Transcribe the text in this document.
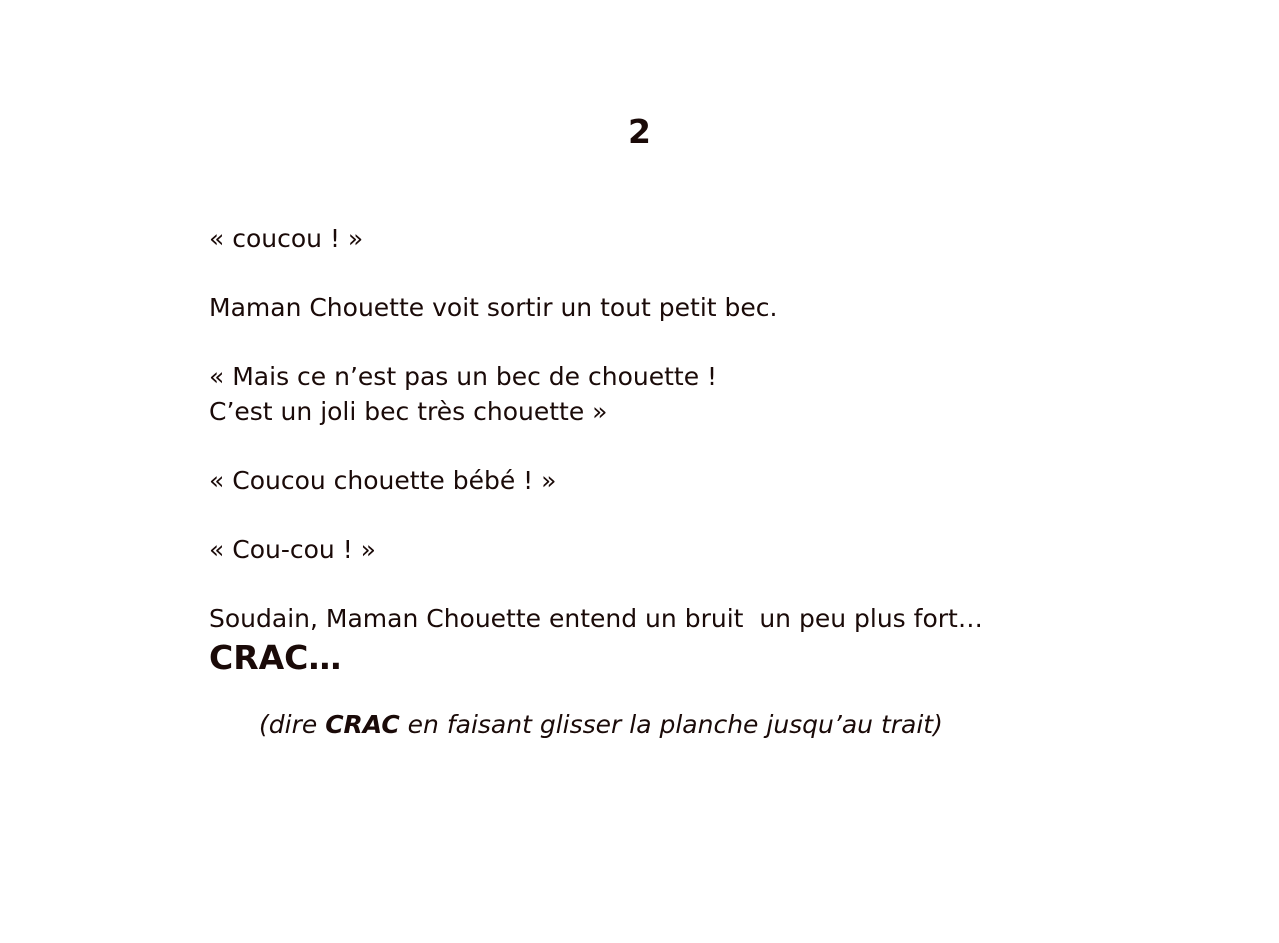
2

« coucou ! »

Maman Chouette voit sortir un tout petit bec.

« Mais ce n’est pas un bec de chouette !

C’est un joli bec très chouette »

« Coucou chouette bébé ! »

« Cou-cou ! »

Soudain, Maman Chouette entend un bruit  un peu plus fort…

CRAC…

(dire CRAC en faisant glisser la planche jusqu’au trait)
